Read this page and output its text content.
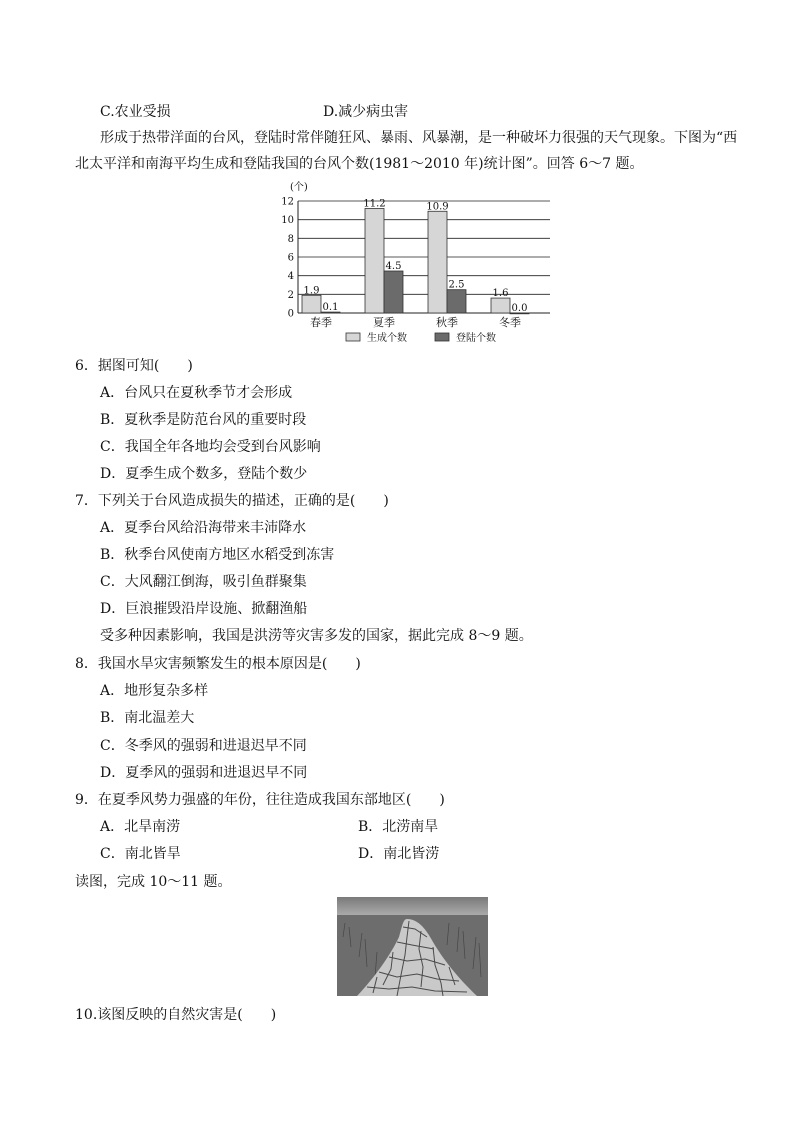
C.农业受损	D.减少病虫害
形成于热带洋面的台风，登陆时常伴随狂风、暴雨、风暴潮，是一种破坏力很强的天气现象。下图为“西
北太平洋和南海平均生成和登陆我国的台风个数(1981～2010 年)统计图”。回答 6～7 题。
(个)
0
2
4
6
8
10
12
1.9
0.1
11.2
4.5
10.9
2.5
1.6
0.0
春季	夏季	秋季	冬季
生成个数	登陆个数
6．据图可知(　　)
A．台风只在夏秋季节才会形成
B．夏秋季是防范台风的重要时段
C．我国全年各地均会受到台风影响
D．夏季生成个数多，登陆个数少
7．下列关于台风造成损失的描述，正确的是(　　)
A．夏季台风给沿海带来丰沛降水
B．秋季台风使南方地区水稻受到冻害
C．大风翻江倒海，吸引鱼群聚集
D．巨浪摧毁沿岸设施、掀翻渔船
受多种因素影响，我国是洪涝等灾害多发的国家，据此完成 8～9 题。
8．我国水旱灾害频繁发生的根本原因是(　　)
A．地形复杂多样
B．南北温差大
C．冬季风的强弱和进退迟早不同
D．夏季风的强弱和进退迟早不同
9．在夏季风势力强盛的年份，往往造成我国东部地区(　　)
A．北旱南涝	B．北涝南旱
C．南北皆旱	D．南北皆涝
读图，完成 10～11 题。
10.该图反映的自然灾害是(　　)
